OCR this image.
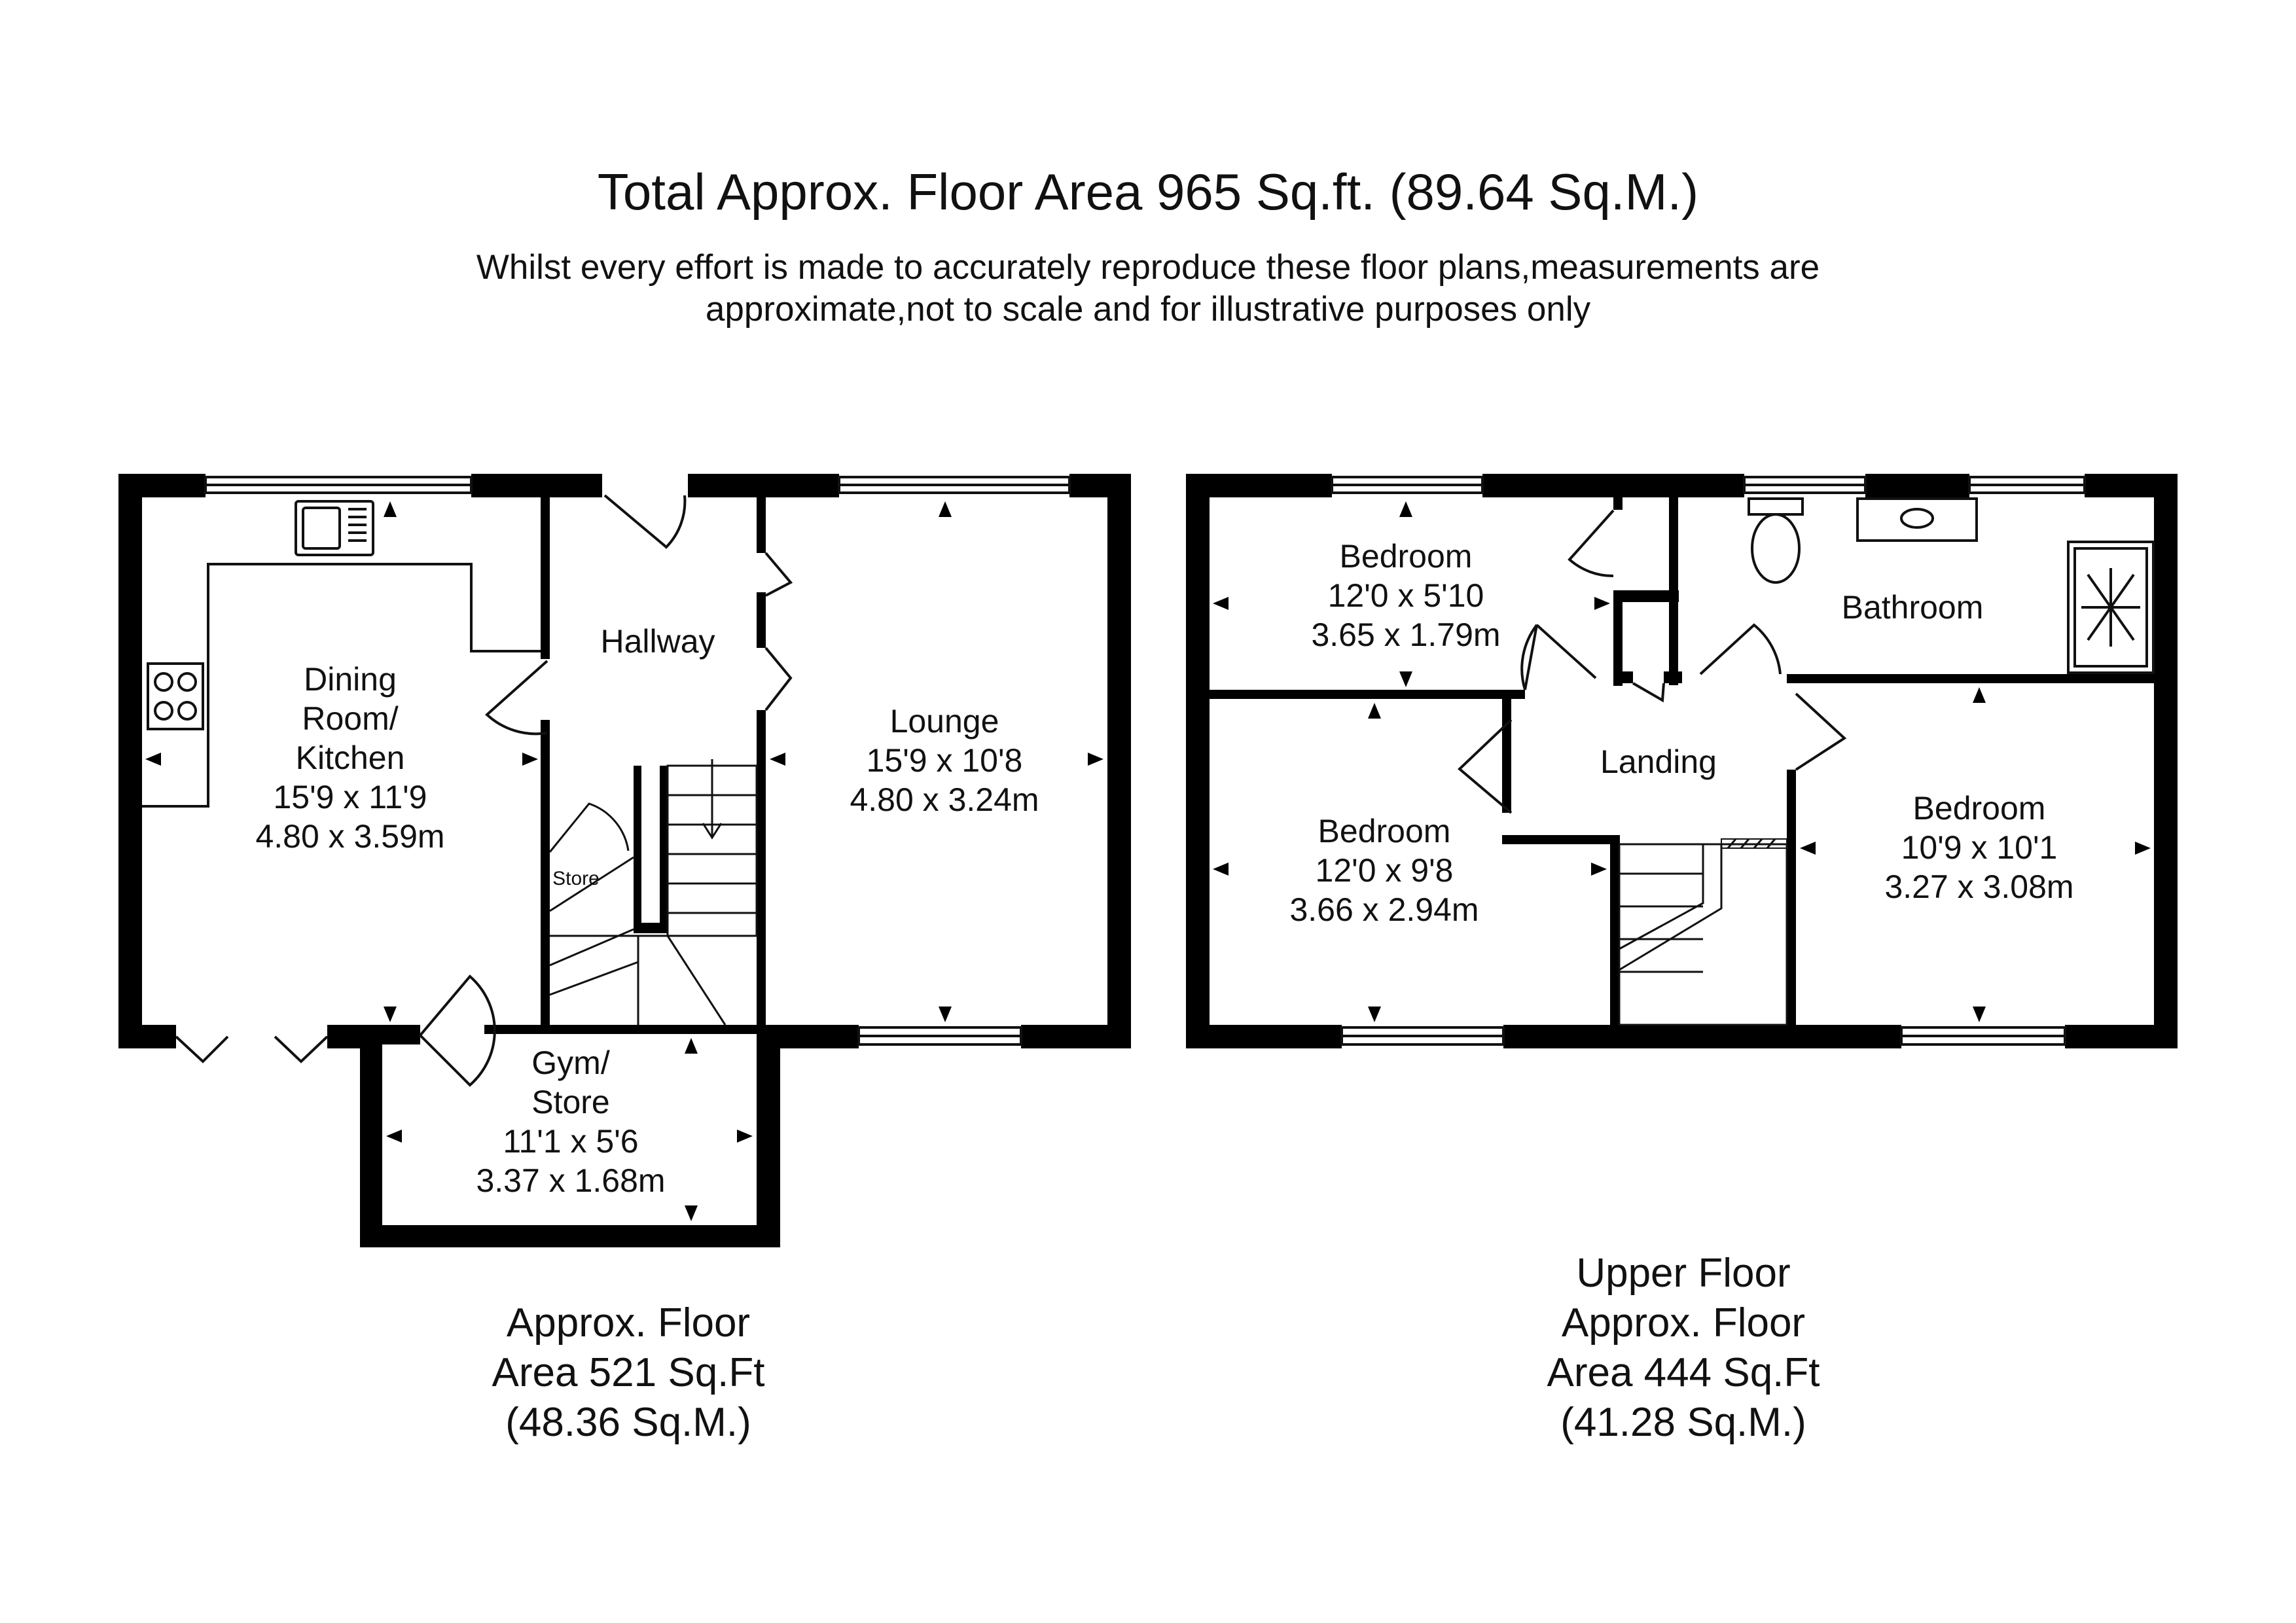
Total Approx. Floor Area 965 Sq.ft. (89.64 Sq.M.)
Whilst every effort is made to accurately reproduce these floor plans,measurements are
approximate,not to scale and for illustrative purposes only
Dining
Room/
Kitchen
15'9 x 11'9
4.80 x 3.59m
Hallway
Lounge
15'9 x 10'8
4.80 x 3.24m
Store
Gym/
Store
11'1 x 5'6
3.37 x 1.68m
Approx. Floor
Area 521 Sq.Ft
(48.36 Sq.M.)
Bedroom
12'0 x 5'10
3.65 x 1.79m
Bathroom
Landing
Bedroom
12'0 x 9'8
3.66 x 2.94m
Bedroom
10'9 x 10'1
3.27 x 3.08m
Upper Floor
Approx. Floor
Area 444 Sq.Ft
(41.28 Sq.M.)
